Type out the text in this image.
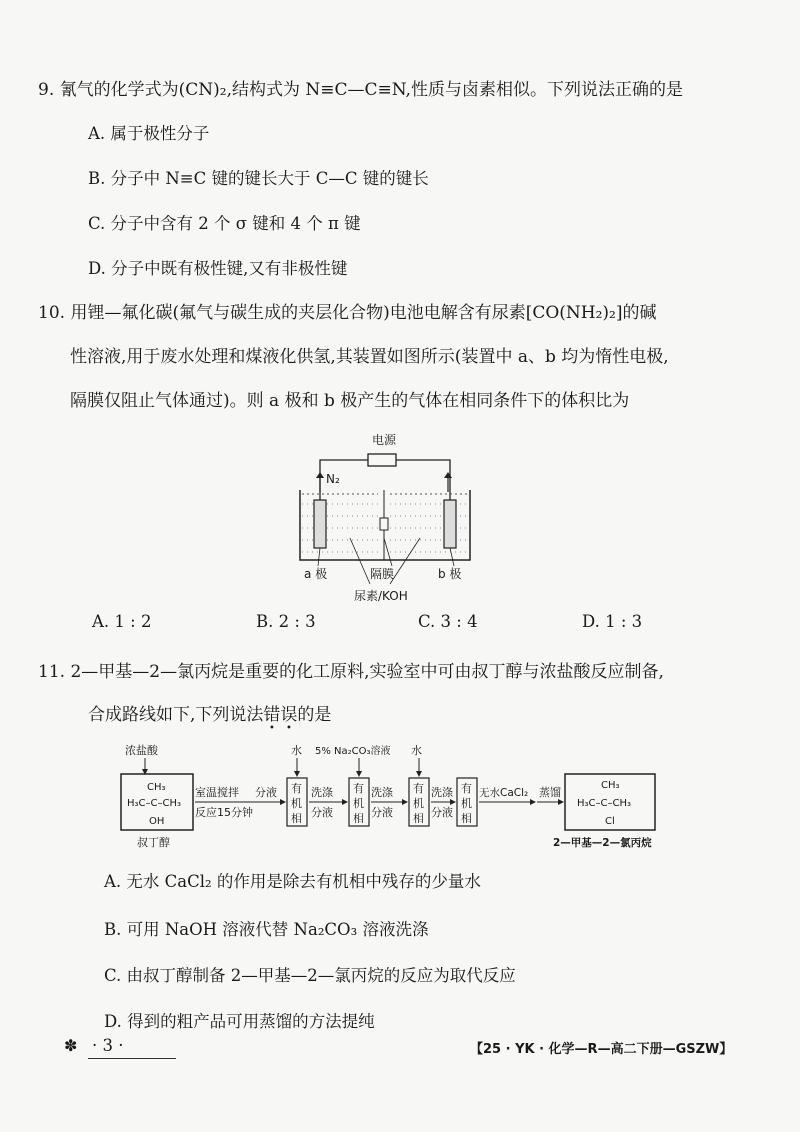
9. 氰气的化学式为(CN)₂,结构式为 N≡C—C≡N,性质与卤素相似。下列说法正确的是
A. 属于极性分子
B. 分子中 N≡C 键的键长大于 C—C 键的键长
C. 分子中含有 2 个 σ 键和 4 个 π 键
D. 分子中既有极性键,又有非极性键
10. 用锂—氟化碳(氟气与碳生成的夹层化合物)电池电解含有尿素[CO(NH₂)₂]的碱
性溶液,用于废水处理和煤液化供氢,其装置如图所示(装置中 a、b 均为惰性电极,
隔膜仅阻止气体通过)。则 a 极和 b 极产生的气体在相同条件下的体积比为
电源
N₂
a 极	隔膜	b 极
尿素/KOH
A. 1 : 2	B. 2 : 3	C. 3 : 4	D. 1 : 3
11. 2—甲基—2—氯丙烷是重要的化工原料,实验室中可由叔丁醇与浓盐酸反应制备,
合成路线如下,下列说法错误
• •
的是
浓盐酸
CH₃
H₃C–C–CH₃
OH
叔丁醇
室温搅拌
反应15分钟
分液 有
机
相
水
洗涤
分液
有
机
相
5% Na₂CO₃溶液
洗涤
分液
有
机
相
水
洗涤
分液
有
机
相
无水CaCl₂ 蒸馏
CH₃
H₃C–C–CH₃
Cl
2—甲基—2—氯丙烷
A. 无水 CaCl₂ 的作用是除去有机相中残存的少量水
B. 可用 NaOH 溶液代替 Na₂CO₃ 溶液洗涤
C. 由叔丁醇制备 2—甲基—2—氯丙烷的反应为取代反应
D. 得到的粗产品可用蒸馏的方法提纯
✽ · 3 ·	【25 · YK · 化学—R—高二下册—GSZW】
